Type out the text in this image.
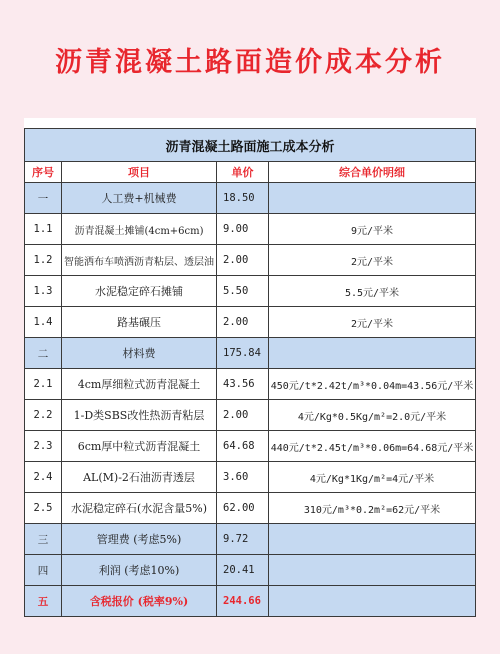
沥青混凝土路面造价成本分析
沥青混凝土路面施工成本分析			
序号	项目	单价	综合单价明细
一	人工费+机械费	18.50	
1.1	沥青混凝土摊铺(4cm+6cm)	9.00	9元/平米
1.2	智能洒布车喷洒沥青粘层、透层油	2.00	2元/平米
1.3	水泥稳定碎石摊铺	5.50	5.5元/平米
1.4	路基碾压	2.00	2元/平米
二	材料费	175.84	
2.1	4cm厚细粒式沥青混凝土	43.56	450元/t*2.42t/m³*0.04m=43.56元/平米
2.2	1-D类SBS改性热沥青粘层	2.00	4元/Kg*0.5Kg/m²=2.0元/平米
2.3	6cm厚中粒式沥青混凝土	64.68	440元/t*2.45t/m³*0.06m=64.68元/平米
2.4	AL(M)-2石油沥青透层	3.60	4元/Kg*1Kg/m²=4元/平米
2.5	水泥稳定碎石(水泥含量5%)	62.00	310元/m³*0.2m²=62元/平米
三	管理费 (考虑5%)	9.72	
四	利润 (考虑10%)	20.41	
五	含税报价 (税率9%)	244.66	
